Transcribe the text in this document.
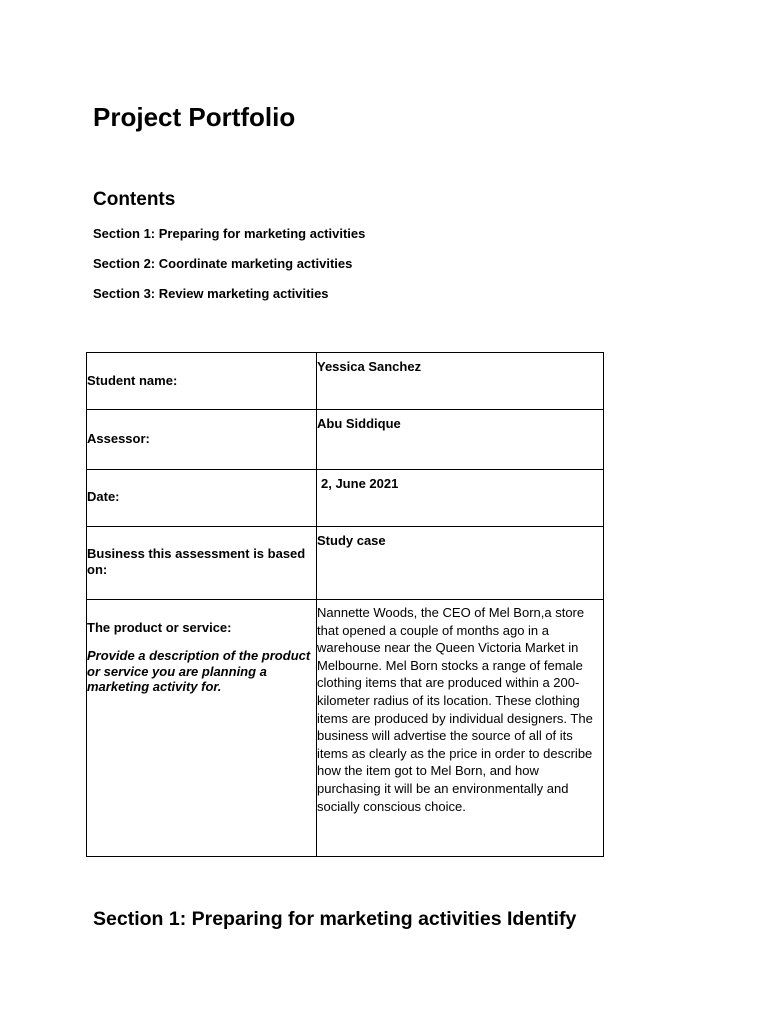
Project Portfolio
Contents

Section 1: Preparing for marketing activities

Section 2: Coordinate marketing activities

Section 3: Review marketing activities

Student name:	Yessica Sanchez

Assessor:	Abu Siddique

Date:	2, June 2021

Business this assessment is based on:	Study case

The product or service:
Provide a description of the product or service you are planning a marketing activity for.	Nannette Woods, the CEO of Mel Born,a store that opened a couple of months ago in a warehouse near the Queen Victoria Market in Melbourne. Mel Born stocks a range of female clothing items that are produced within a 200-kilometer radius of its location. These clothing items are produced by individual designers. The business will advertise the source of all of its items as clearly as the price in order to describe how the item got to Mel Born, and how purchasing it will be an environmentally and socially conscious choice.
Section 1: Preparing for marketing activities Identify
